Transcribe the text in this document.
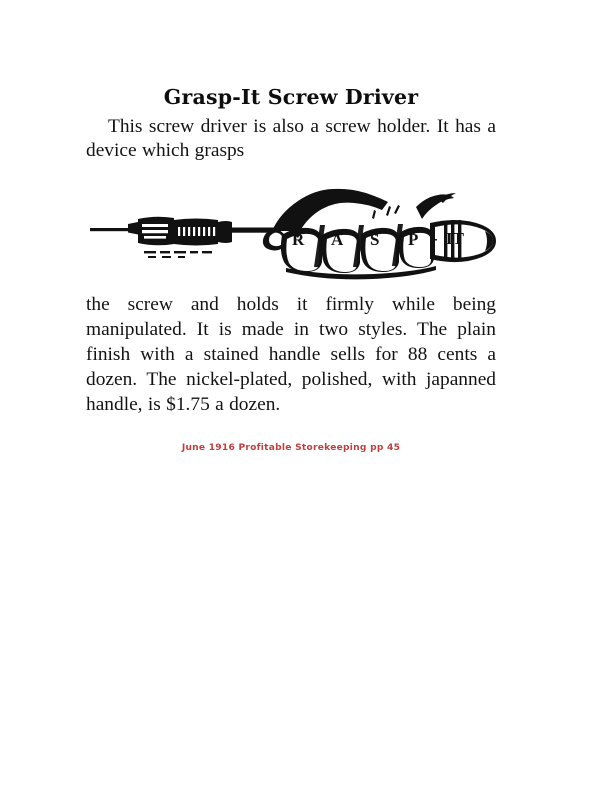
Grasp-It Screw Driver

This screw driver is also a screw holder. It has a device which grasps

R A S P - IT

the screw and holds it firmly while being manipulated. It is made in two styles. The plain finish with a stained handle sells for 88 cents a dozen. The nickel-plated, polished, with japanned handle, is $1.75 a dozen.

June 1916 Profitable Storekeeping pp 45
